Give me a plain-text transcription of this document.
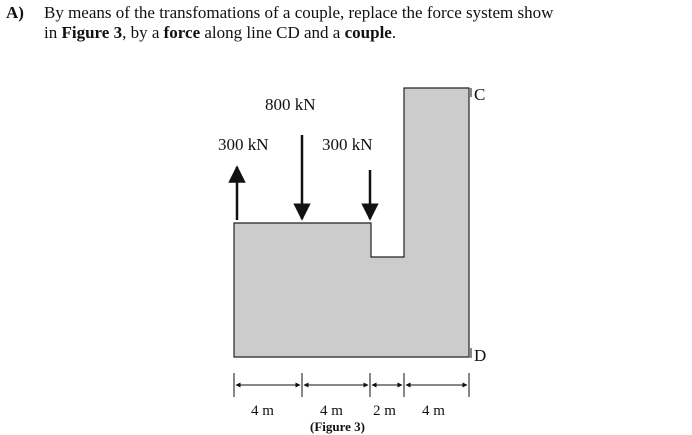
A) By means of the transfomations of a couple, replace the force system show
in Figure 3, by a force along line CD and a couple.
800 kN
300 kN	300 kN
C
D
4 m	4 m 2 m 4 m
(Figure 3)
